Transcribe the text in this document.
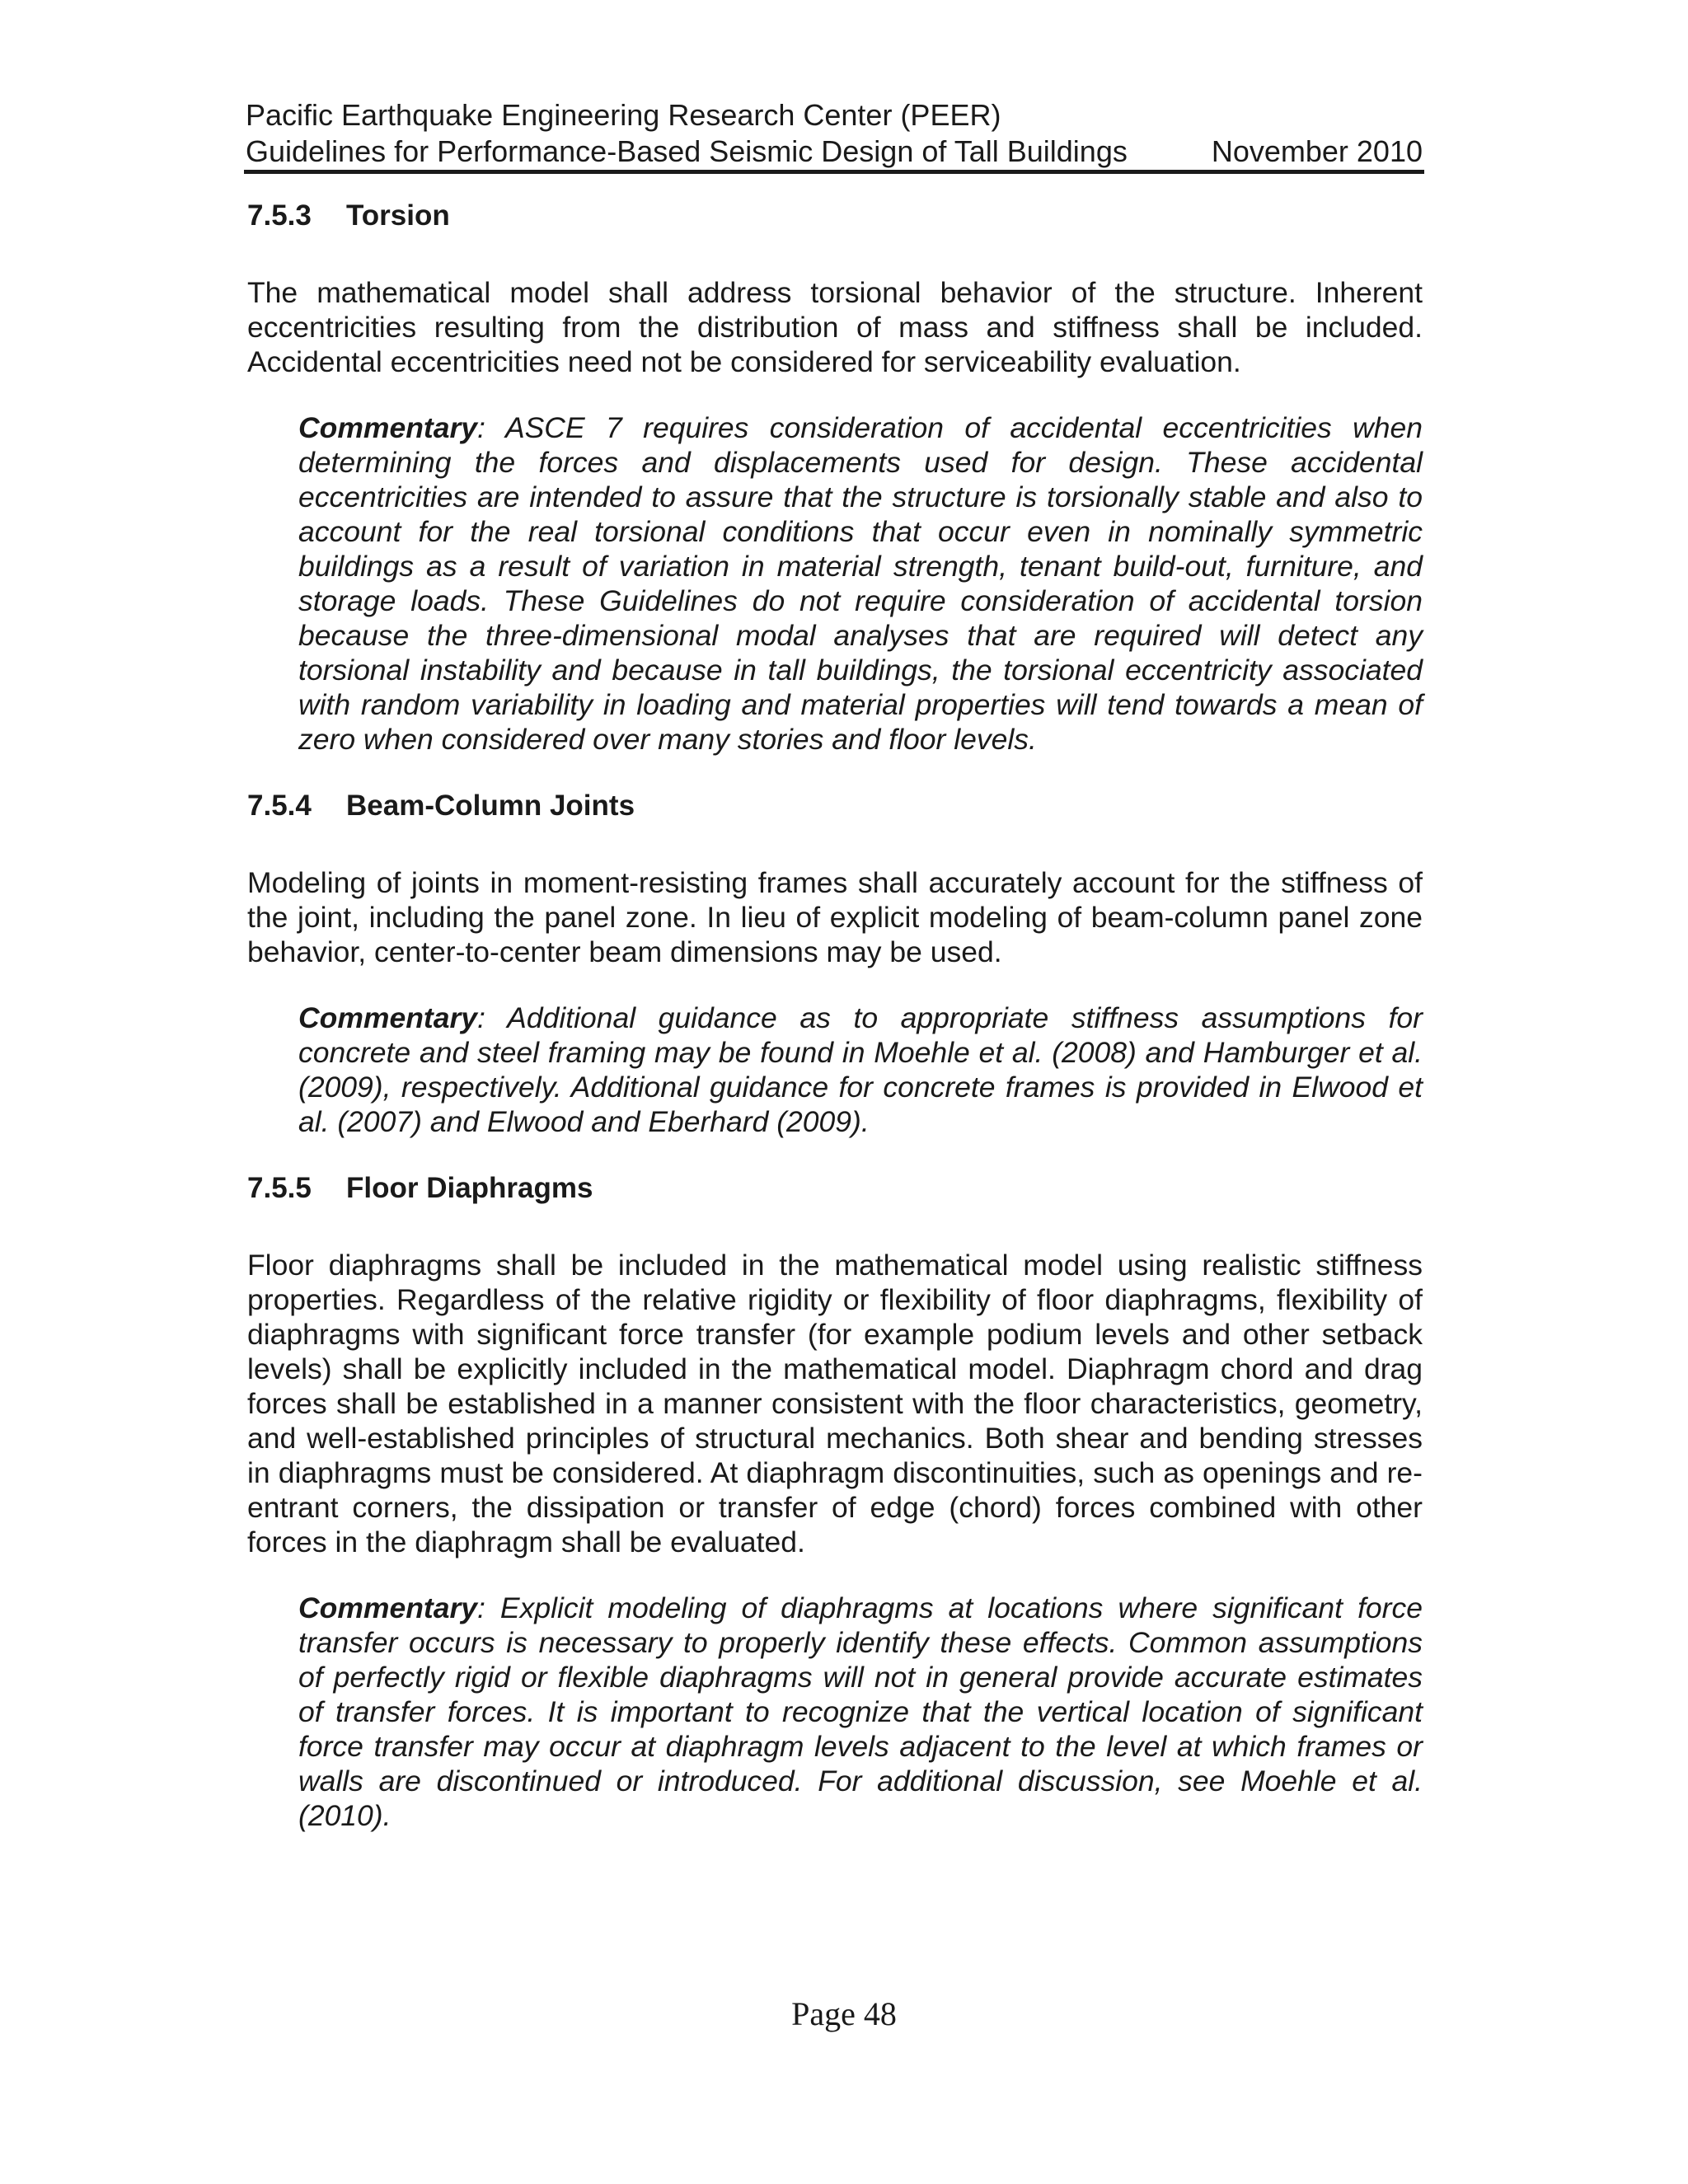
Pacific Earthquake Engineering Research Center (PEER)
Guidelines for Performance-Based Seismic Design of Tall Buildings	November 2010
7.5.3	Torsion

The mathematical model shall address torsional behavior of the structure. Inherent eccentricities resulting from the distribution of mass and stiffness shall be included. Accidental eccentricities need not be considered for serviceability evaluation.

Commentary: ASCE 7 requires consideration of accidental eccentricities when determining the forces and displacements used for design. These accidental eccentricities are intended to assure that the structure is torsionally stable and also to account for the real torsional conditions that occur even in nominally symmetric buildings as a result of variation in material strength, tenant build-out, furniture, and storage loads. These Guidelines do not require consideration of accidental torsion because the three-dimensional modal analyses that are required will detect any torsional instability and because in tall buildings, the torsional eccentricity associated with random variability in loading and material properties will tend towards a mean of zero when considered over many stories and floor levels.

7.5.4	Beam-Column Joints

Modeling of joints in moment-resisting frames shall accurately account for the stiffness of the joint, including the panel zone. In lieu of explicit modeling of beam-column panel zone behavior, center-to-center beam dimensions may be used.

Commentary: Additional guidance as to appropriate stiffness assumptions for concrete and steel framing may be found in Moehle et al. (2008) and Hamburger et al. (2009), respectively. Additional guidance for concrete frames is provided in Elwood et al. (2007) and Elwood and Eberhard (2009).

7.5.5	Floor Diaphragms

Floor diaphragms shall be included in the mathematical model using realistic stiffness properties. Regardless of the relative rigidity or flexibility of floor diaphragms, flexibility of diaphragms with significant force transfer (for example podium levels and other setback levels) shall be explicitly included in the mathematical model. Diaphragm chord and drag forces shall be established in a manner consistent with the floor characteristics, geometry, and well-established principles of structural mechanics. Both shear and bending stresses in diaphragms must be considered. At diaphragm discontinuities, such as openings and re-entrant corners, the dissipation or transfer of edge (chord) forces combined with other forces in the diaphragm shall be evaluated.

Commentary: Explicit modeling of diaphragms at locations where significant force transfer occurs is necessary to properly identify these effects. Common assumptions of perfectly rigid or flexible diaphragms will not in general provide accurate estimates of transfer forces. It is important to recognize that the vertical location of significant force transfer may occur at diaphragm levels adjacent to the level at which frames or walls are discontinued or introduced. For additional discussion, see Moehle et al. (2010).

Page 48
